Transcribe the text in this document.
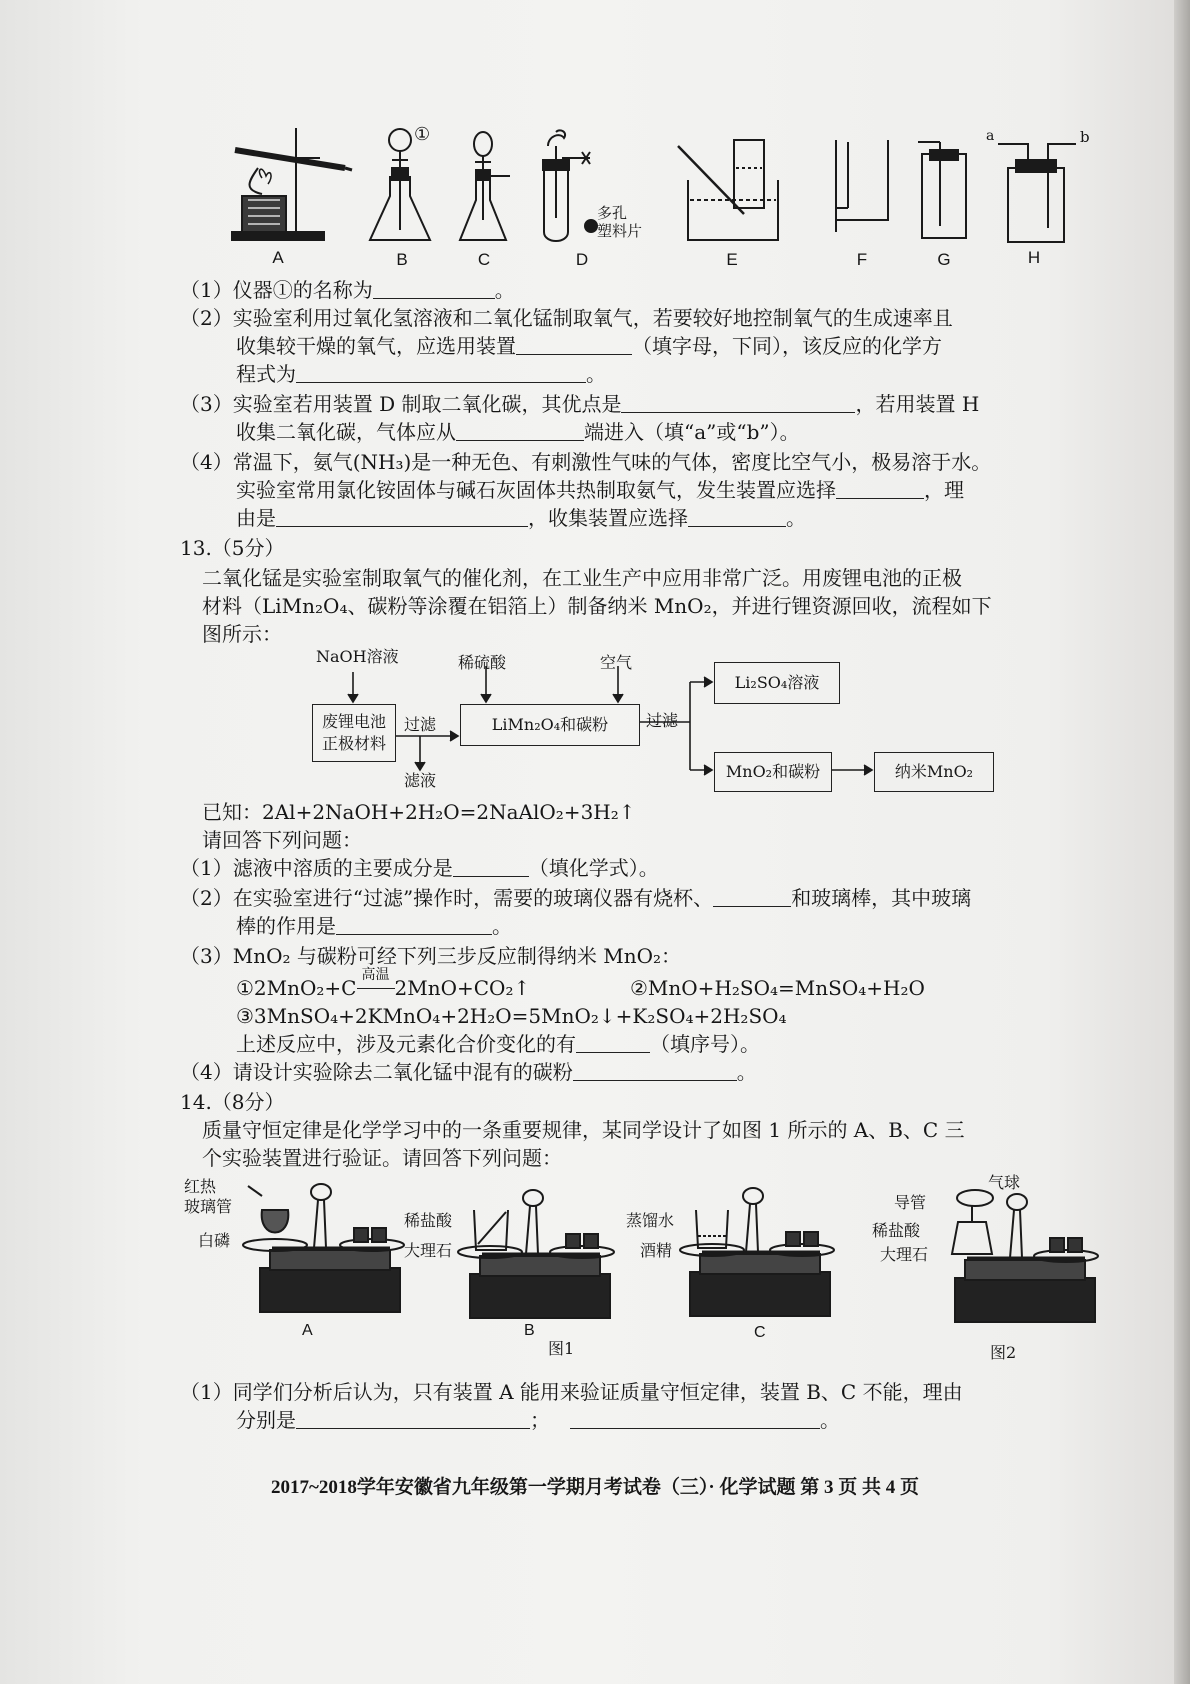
①
多孔
塑料片
a	b
A	B	C	D	E	F	G	H
（1）仪器①的名称为	。
（2）实验室利用过氧化氢溶液和二氧化锰制取氧气，若要较好地控制氧气的生成速率且
收集较干燥的氧气，应选用装置	（填字母，下同），该反应的化学方
程式为	。
（3）实验室若用装置 D 制取二氧化碳，其优点是	，若用装置 H
收集二氧化碳，气体应从	端进入（填“a”或“b”）。
（4）常温下，氨气(NH₃)是一种无色、有刺激性气味的气体，密度比空气小，极易溶于水。
实验室常用氯化铵固体与碱石灰固体共热制取氨气，发生装置应选择	，理
由是	，收集装置应选择	。
13.（5分）
二氧化锰是实验室制取氧气的催化剂，在工业生产中应用非常广泛。用废锂电池的正极
材料（LiMn₂O₄、碳粉等涂覆在铝箔上）制备纳米 MnO₂，并进行锂资源回收，流程如下
图所示：
NaOH溶液	稀硫酸	空气
废锂电池
正极材料
过滤
滤液
LiMn₂O₄和碳粉	过滤
Li₂SO₄溶液
MnO₂和碳粉	纳米MnO₂
已知：2Al+2NaOH+2H₂O=2NaAlO₂+3H₂↑
请回答下列问题：
（1）滤液中溶质的主要成分是	（填化学式）。
（2）在实验室进行“过滤”操作时，需要的玻璃仪器有烧杯、	和玻璃棒，其中玻璃
棒的作用是	。
（3）MnO₂ 与碳粉可经下列三步反应制得纳米 MnO₂：
①2MnO₂+C
高温
2MnO+CO₂↑	②MnO+H₂SO₄=MnSO₄+H₂O
③3MnSO₄+2KMnO₄+2H₂O=5MnO₂↓+K₂SO₄+2H₂SO₄
上述反应中，涉及元素化合价变化的有	（填序号）。
（4）请设计实验除去二氧化锰中混有的碳粉	。
14.（8分）
质量守恒定律是化学学习中的一条重要规律，某同学设计了如图 1 所示的 A、B、C 三
个实验装置进行验证。请回答下列问题：
红热
玻璃管
白磷
稀盐酸
大理石
蒸馏水
酒精
导管
气球
稀盐酸
大理石
A	B
图1
C
图2
（1）同学们分析后认为，只有装置 A 能用来验证质量守恒定律，装置 B、C 不能，理由
分别是	；	。
2017~2018学年安徽省九年级第一学期月考试卷（三）· 化学试题 第 3 页 共 4 页
